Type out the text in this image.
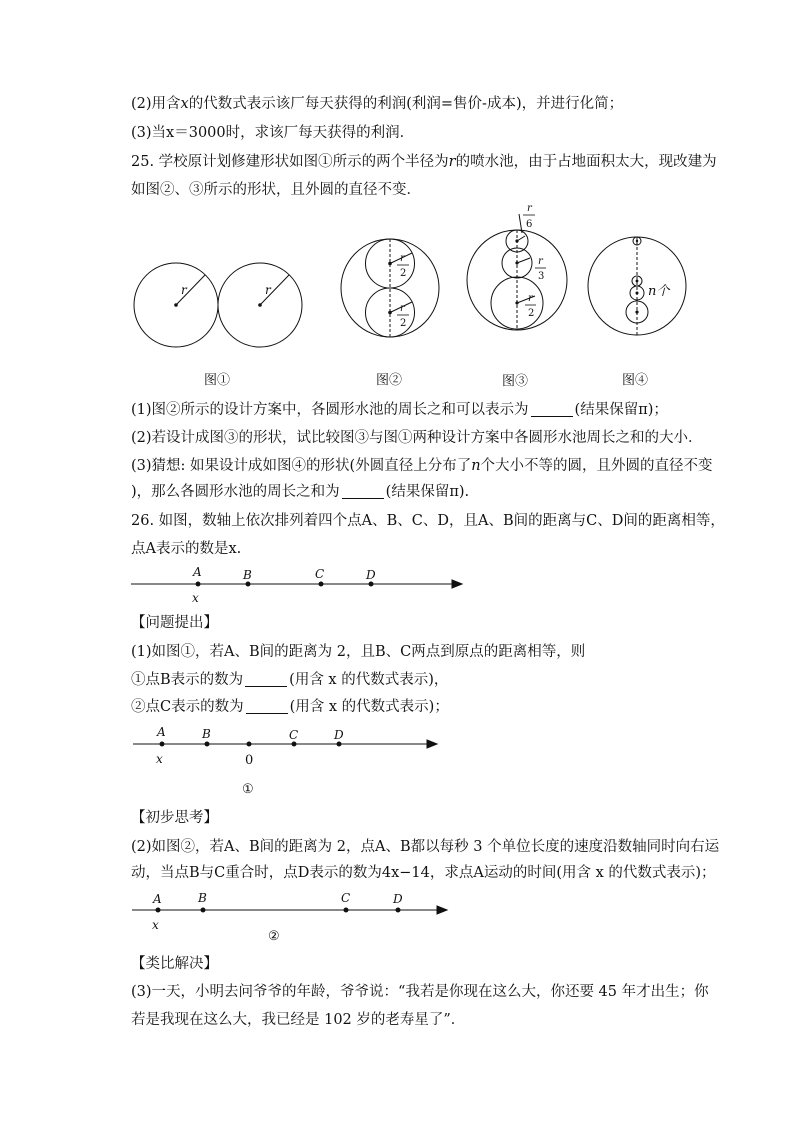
(2)用含x的代数式表示该厂每天获得的利润(利润=售价-成本)，并进行化简；
(3)当x＝3000时，求该厂每天获得的利润．
25. 学校原计划修建形状如图①所示的两个半径为r的喷水池，由于占地面积太大，现改建为
如图②、③所示的形状，且外圆的直径不变．
r	r
r
2
r
2
r
6
r
3
r
2
n个
图①	图②	图③	图④
(1)图②所示的设计方案中，各圆形水池的周长之和可以表示为	(结果保留π)；
(2)若设计成图③的形状，试比较图③与图①两种设计方案中各圆形水池周长之和的大小．
(3)猜想: 如果设计成如图④的形状(外圆直径上分布了n个大小不等的圆，且外圆的直径不变
)，那么各圆形水池的周长之和为	(结果保留π).
26. 如图，数轴上依次排列着四个点A、B、C、D，且A、B间的距离与C、D间的距离相等，
点A表示的数是x.
A	B	C	D
x
A	B	C	D
x
A	B	C	D
x
0
①
②
【问题提出】
(1)如图①，若A、B间的距离为 2，且B、C两点到原点的距离相等，则
①点B表示的数为	(用含 x 的代数式表示)，
②点C表示的数为	(用含 x 的代数式表示)；
【初步思考】
(2)如图②，若A、B间的距离为 2，点A、B都以每秒 3 个单位长度的速度沿数轴同时向右运
动，当点B与C重合时，点D表示的数为4x−14，求点A运动的时间(用含 x 的代数式表示)；
【类比解决】
(3)一天，小明去问爷爷的年龄，爷爷说：“我若是你现在这么大，你还要 45 年才出生；你
若是我现在这么大，我已经是 102 岁的老寿星了”．
